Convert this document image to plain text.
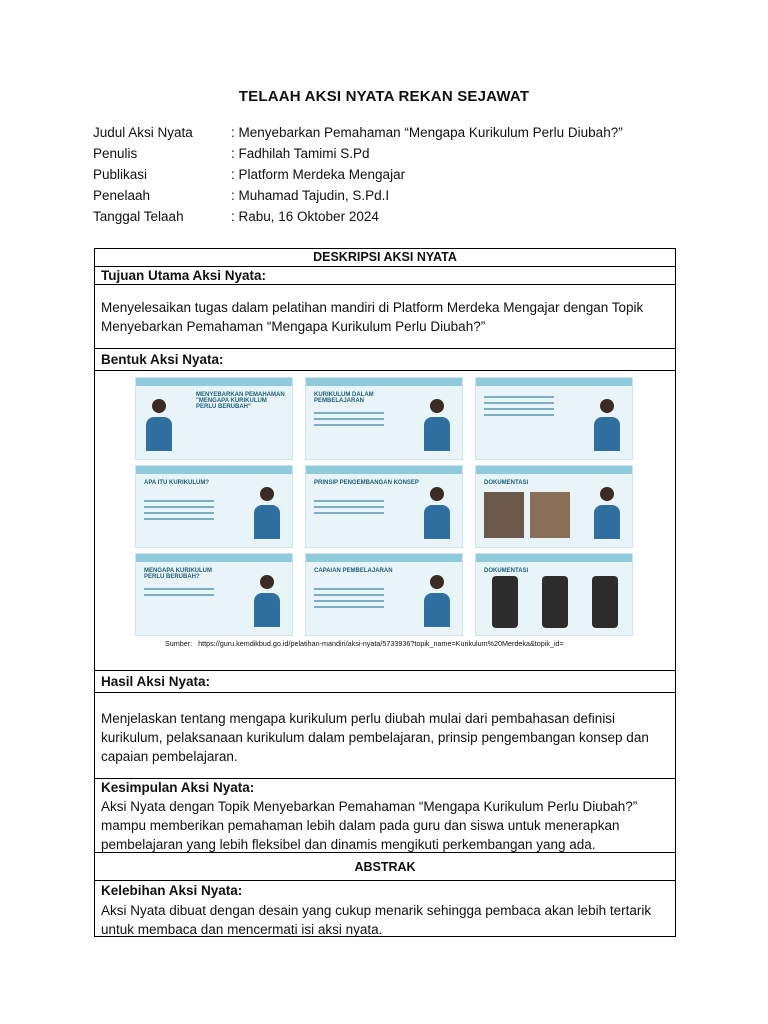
TELAAH AKSI NYATA REKAN SEJAWAT
Judul Aksi Nyata	: Menyebarkan Pemahaman “Mengapa Kurikulum Perlu Diubah?”
Penulis	: Fadhilah Tamimi S.Pd
Publikasi	: Platform Merdeka Mengajar
Penelaah	: Muhamad Tajudin, S.Pd.I
Tanggal Telaah	: Rabu, 16 Oktober 2024
DESKRIPSI AKSI NYATA
Tujuan Utama Aksi Nyata:
Menyelesaikan tugas dalam pelatihan mandiri di Platform Merdeka Mengajar dengan Topik Menyebarkan Pemahaman “Mengapa Kurikulum Perlu Diubah?”
Bentuk Aksi Nyata:
MENYEBARKAN PEMAHAMAN "MENGAPA KURIKULUM PERLU BERUBAH"
KURIKULUM DALAM PEMBELAJARAN
APA ITU KURIKULUM?	PRINSIP PENGEMBANGAN KONSEP	DOKUMENTASI
MENGAPA KURIKULUM PERLU BERUBAH?
CAPAIAN PEMBELAJARAN	DOKUMENTASI
Sumber: https://guru.kemdikbud.go.id/pelatihan-mandiri/aksi-nyata/5733936?topik_name=Kurikulum%20Merdeka&topik_id=
Hasil Aksi Nyata:
Menjelaskan tentang mengapa kurikulum perlu diubah mulai dari pembahasan definisi kurikulum, pelaksanaan kurikulum dalam pembelajaran, prinsip pengembangan konsep dan capaian pembelajaran.
Kesimpulan Aksi Nyata:
Aksi Nyata dengan Topik Menyebarkan Pemahaman “Mengapa Kurikulum Perlu Diubah?” mampu memberikan pemahaman lebih dalam pada guru dan siswa untuk menerapkan pembelajaran yang lebih fleksibel dan dinamis mengikuti perkembangan yang ada.
ABSTRAK
Kelebihan Aksi Nyata:
Aksi Nyata dibuat dengan desain yang cukup menarik sehingga pembaca akan lebih tertarik untuk membaca dan mencermati isi aksi nyata.
